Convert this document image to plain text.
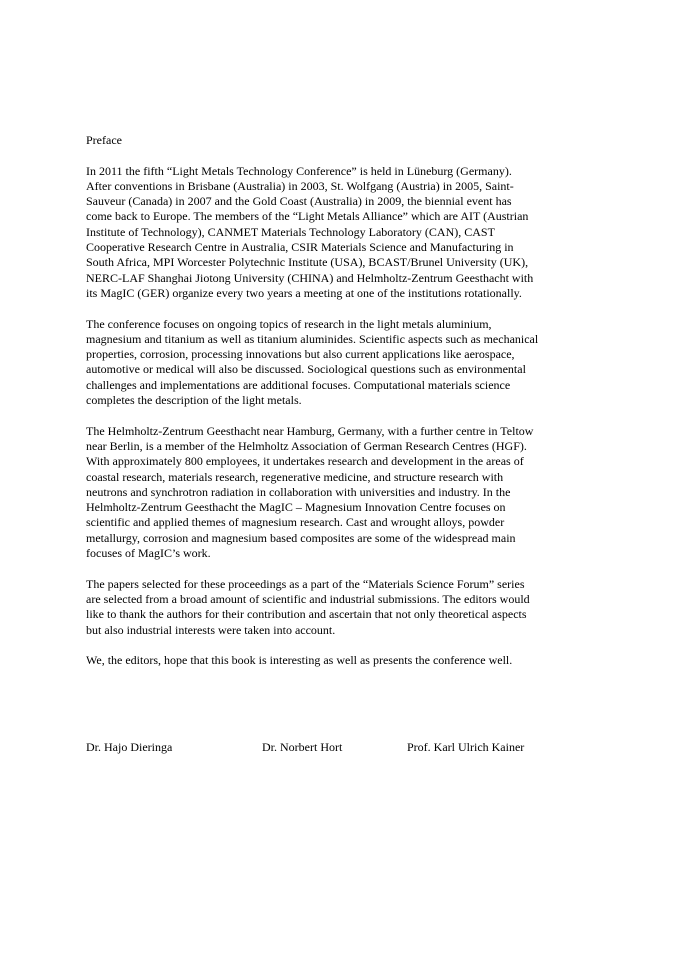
Preface
In 2011 the fifth “Light Metals Technology Conference” is held in Lüneburg (Germany).
After conventions in Brisbane (Australia) in 2003, St. Wolfgang (Austria) in 2005, Saint-
Sauveur (Canada) in 2007 and the Gold Coast (Australia) in 2009, the biennial event has
come back to Europe. The members of the “Light Metals Alliance” which are AIT (Austrian
Institute of Technology), CANMET Materials Technology Laboratory (CAN), CAST
Cooperative Research Centre in Australia, CSIR Materials Science and Manufacturing in
South Africa, MPI Worcester Polytechnic Institute (USA), BCAST/Brunel University (UK),
NERC-LAF Shanghai Jiotong University (CHINA) and Helmholtz-Zentrum Geesthacht with
its MagIC (GER) organize every two years a meeting at one of the institutions rotationally.
The conference focuses on ongoing topics of research in the light metals aluminium,
magnesium and titanium as well as titanium aluminides. Scientific aspects such as mechanical
properties, corrosion, processing innovations but also current applications like aerospace,
automotive or medical will also be discussed. Sociological questions such as environmental
challenges and implementations are additional focuses. Computational materials science
completes the description of the light metals.
The Helmholtz-Zentrum Geesthacht near Hamburg, Germany, with a further centre in Teltow
near Berlin, is a member of the Helmholtz Association of German Research Centres (HGF).
With approximately 800 employees, it undertakes research and development in the areas of
coastal research, materials research, regenerative medicine, and structure research with
neutrons and synchrotron radiation in collaboration with universities and industry. In the
Helmholtz-Zentrum Geesthacht the MagIC – Magnesium Innovation Centre focuses on
scientific and applied themes of magnesium research. Cast and wrought alloys, powder
metallurgy, corrosion and magnesium based composites are some of the widespread main
focuses of MagIC’s work.
The papers selected for these proceedings as a part of the “Materials Science Forum” series
are selected from a broad amount of scientific and industrial submissions. The editors would
like to thank the authors for their contribution and ascertain that not only theoretical aspects
but also industrial interests were taken into account.
We, the editors, hope that this book is interesting as well as presents the conference well.
Dr. Hajo Dieringa	Dr. Norbert Hort	Prof. Karl Ulrich Kainer
